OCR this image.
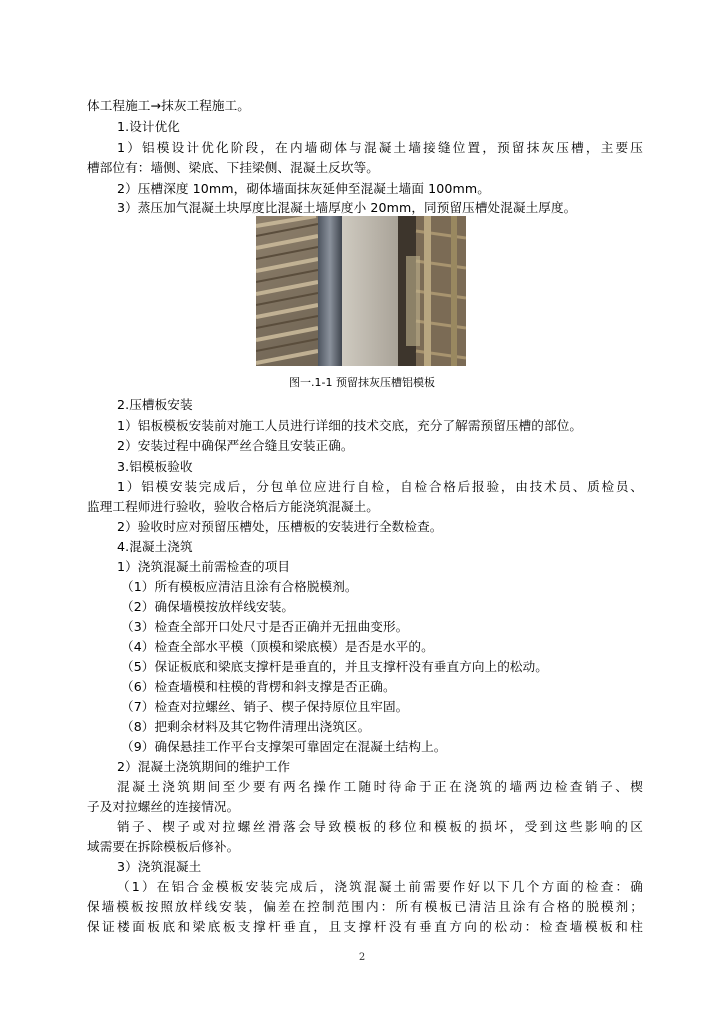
体工程施工→抹灰工程施工。
1.设计优化
1）铝模设计优化阶段，在内墙砌体与混凝土墙接缝位置，预留抹灰压槽，主要压
槽部位有：墙侧、梁底、下挂梁侧、混凝土反坎等。
2）压槽深度 10mm，砌体墙面抹灰延伸至混凝土墙面 100mm。
3）蒸压加气混凝土块厚度比混凝土墙厚度小 20mm，同预留压槽处混凝土厚度。
图一.1-1 预留抹灰压槽铝模板
2.压槽板安装
1）铝板模板安装前对施工人员进行详细的技术交底，充分了解需预留压槽的部位。
2）安装过程中确保严丝合缝且安装正确。
3.铝模板验收
1）铝模安装完成后，分包单位应进行自检，自检合格后报验，由技术员、质检员、
监理工程师进行验收，验收合格后方能浇筑混凝土。
2）验收时应对预留压槽处，压槽板的安装进行全数检查。
4.混凝土浇筑
1）浇筑混凝土前需检查的项目
（1）所有模板应清洁且涂有合格脱模剂。
（2）确保墙模按放样线安装。
（3）检查全部开口处尺寸是否正确并无扭曲变形。
（4）检查全部水平模（顶模和梁底模）是否是水平的。
（5）保证板底和梁底支撑杆是垂直的，并且支撑杆没有垂直方向上的松动。
（6）检查墙模和柱模的背楞和斜支撑是否正确。
（7）检查对拉螺丝、销子、楔子保持原位且牢固。
（8）把剩余材料及其它物件清理出浇筑区。
（9）确保悬挂工作平台支撑架可靠固定在混凝土结构上。
2）混凝土浇筑期间的维护工作
混凝土浇筑期间至少要有两名操作工随时待命于正在浇筑的墙两边检查销子、楔
子及对拉螺丝的连接情况。
销子、楔子或对拉螺丝滑落会导致模板的移位和模板的损坏，受到这些影响的区
域需要在拆除模板后修补。
3）浇筑混凝土
（1）在铝合金模板安装完成后，浇筑混凝土前需要作好以下几个方面的检查：确
保墙模板按照放样线安装，偏差在控制范围内：所有模板已清洁且涂有合格的脱模剂；
保证楼面板底和梁底板支撑杆垂直，且支撑杆没有垂直方向的松动：检查墙模板和柱
2
